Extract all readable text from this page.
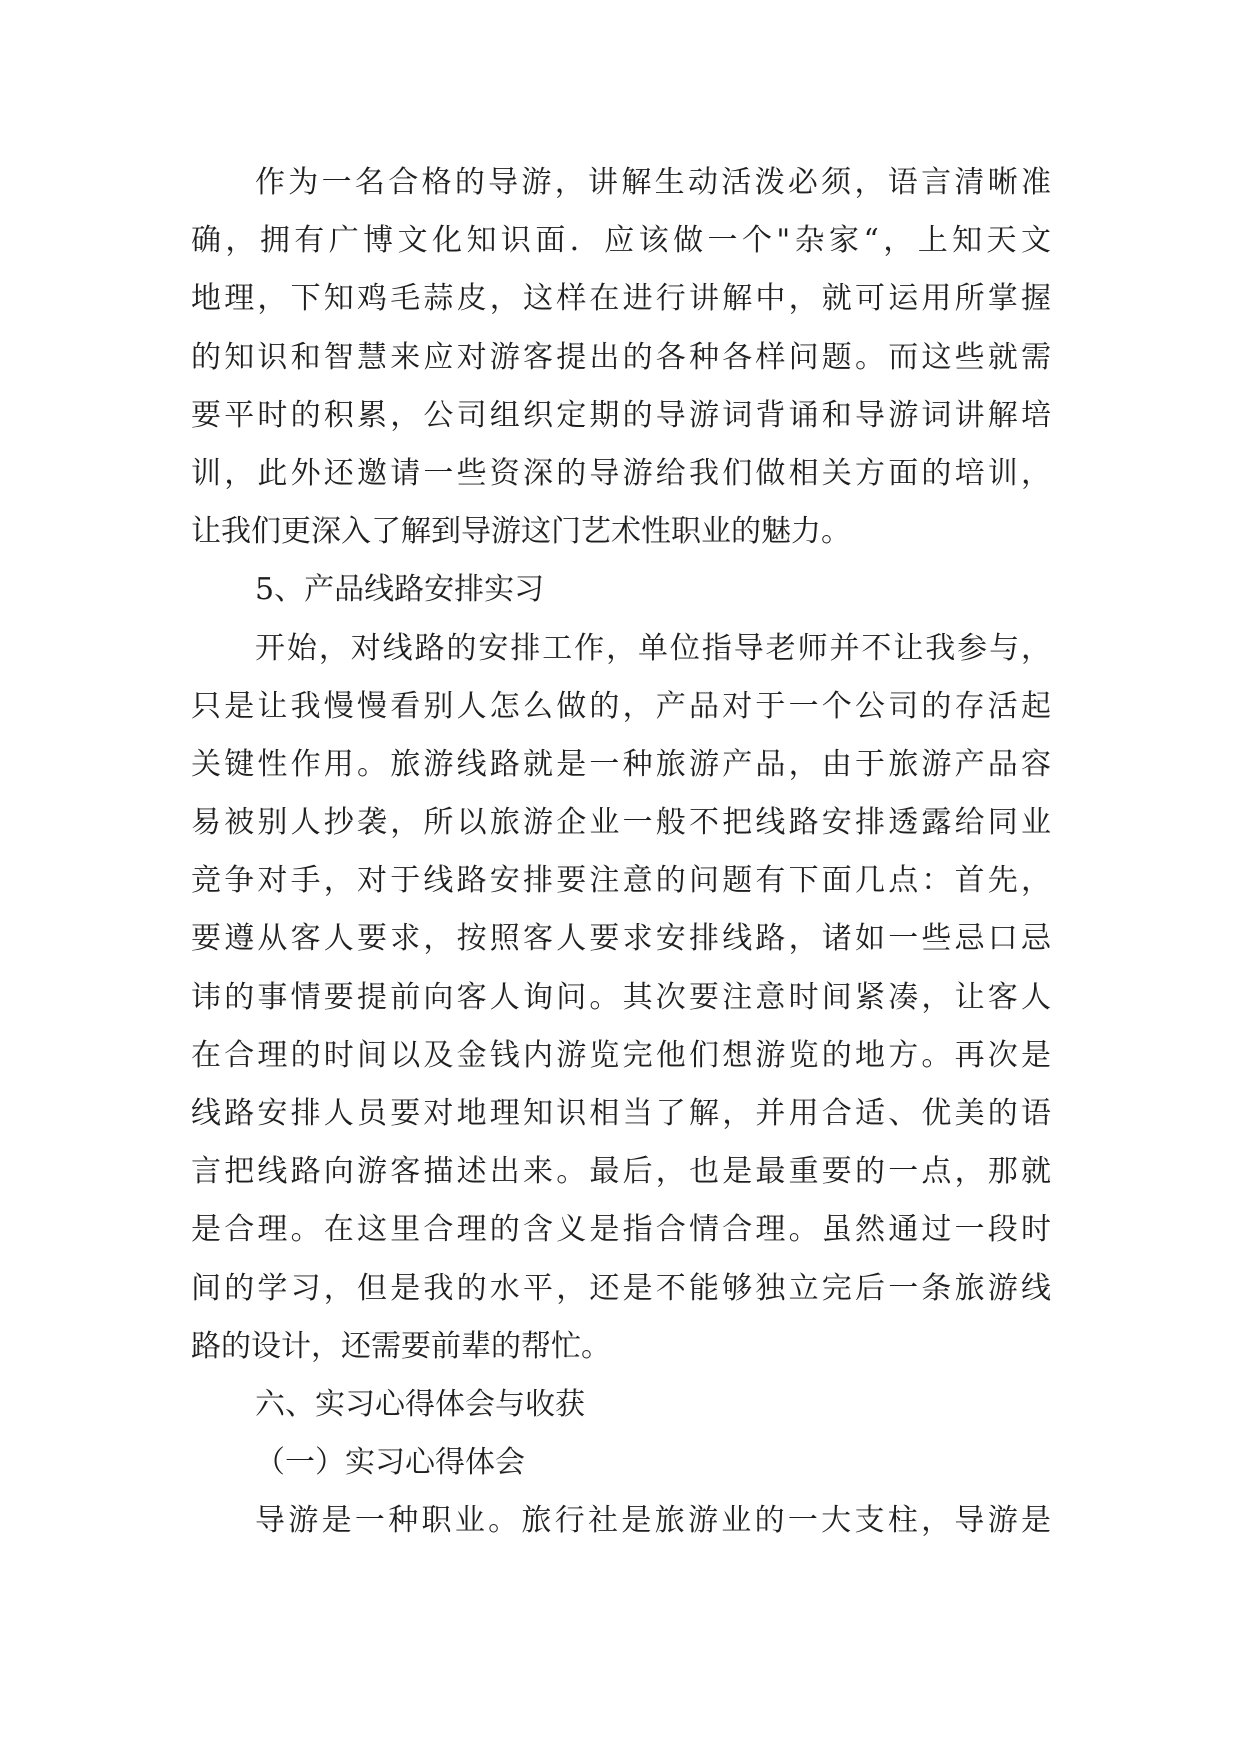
作为一名合格的导游，讲解生动活泼必须，语言清晰准
确，拥有广博文化知识面．应该做一个"杂家“，上知天文
地理，下知鸡毛蒜皮，这样在进行讲解中，就可运用所掌握
的知识和智慧来应对游客提出的各种各样问题。而这些就需
要平时的积累，公司组织定期的导游词背诵和导游词讲解培
训，此外还邀请一些资深的导游给我们做相关方面的培训，
让我们更深入了解到导游这门艺术性职业的魅力。
5、产品线路安排实习
开始，对线路的安排工作，单位指导老师并不让我参与，
只是让我慢慢看别人怎么做的，产品对于一个公司的存活起
关键性作用。旅游线路就是一种旅游产品，由于旅游产品容
易被别人抄袭，所以旅游企业一般不把线路安排透露给同业
竞争对手，对于线路安排要注意的问题有下面几点：首先，
要遵从客人要求，按照客人要求安排线路，诸如一些忌口忌
讳的事情要提前向客人询问。其次要注意时间紧凑，让客人
在合理的时间以及金钱内游览完他们想游览的地方。再次是
线路安排人员要对地理知识相当了解，并用合适、优美的语
言把线路向游客描述出来。最后，也是最重要的一点，那就
是合理。在这里合理的含义是指合情合理。虽然通过一段时
间的学习，但是我的水平，还是不能够独立完后一条旅游线
路的设计，还需要前辈的帮忙。
六、实习心得体会与收获
（一）实习心得体会
导游是一种职业。旅行社是旅游业的一大支柱，导游是
